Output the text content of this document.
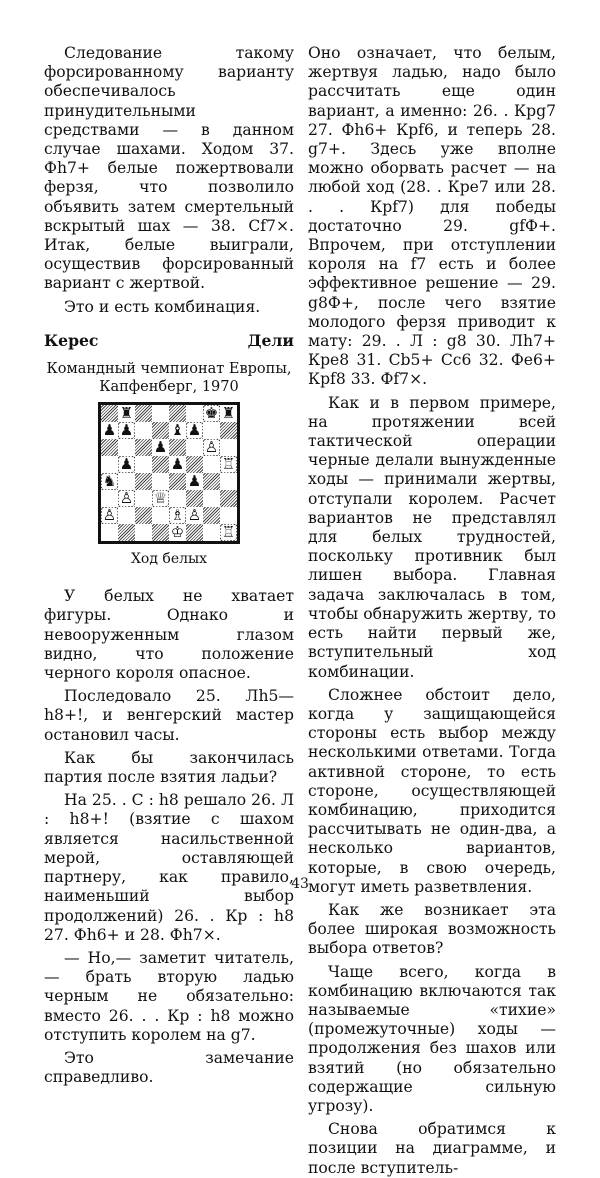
Следование такому форсированному варианту обеспечивалось принудительными средствами — в данном случае шахами. Ходом 37. Фh7+ белые пожертвовали ферзя, что позволило объявить затем смертельный вскрытый шах — 38. Cf7×. Итак, белые выиграли, осуществив форсированный вариант с жертвой.

Это и есть комбинация.

Керес	Дели
Командный чемпионат Европы, Капфенберг, 1970
♜	♚ ♜
♟ ♟	♝ ♟
♟	♙
♟	♟	♖
♞	♟
♙ ♕
♙	♗ ♙
♔	♖
Ход белых

У белых не хватает фигуры. Однако и невооруженным глазом видно, что положение черного короля опасное.

Последовало 25. Лh5—h8+!, и венгерский мастер остановил часы.

Как бы закончилась партия после взятия ладьи?

На 25. . C : h8 решало 26. Л : h8+! (взятие с шахом является насильственной мерой, оставляющей партнеру, как правило, наименьший выбор продолжений) 26. . Кр : h8 27. Фh6+ и 28. Фh7×.

— Но,— заметит читатель,— брать вторую ладью черным не обязательно: вместо 26. . . Кр : h8 можно отступить королем на g7.

Это замечание справедливо.

Оно означает, что белым, жертвуя ладью, надо было рассчитать еще один вариант, а именно: 26. . Кpg7 27. Фh6+ Кpf6, и теперь 28. g7+. Здесь уже вполне можно оборвать расчет — на любой ход (28. . Кpe7 или 28. . . Кpf7) для победы достаточно 29. gfФ+. Впрочем, при отступлении короля на f7 есть и более эффективное решение — 29. g8Ф+, после чего взятие молодого ферзя приводит к мату: 29. . Л : g8 30. Лh7+ Кpe8 31. Cb5+ Cc6 32. Фe6+ Кpf8 33. Фf7×.

Как и в первом примере, на протяжении всей тактической операции черные делали вынужденные ходы — принимали жертвы, отступали королем. Расчет вариантов не представлял для белых трудностей, поскольку противник был лишен выбора. Главная задача заключалась в том, чтобы обнаружить жертву, то есть найти первый же, вступительный ход комбинации.

Сложнее обстоит дело, когда у защищающейся стороны есть выбор между несколькими ответами. Тогда активной стороне, то есть стороне, осуществляющей комбинацию, приходится рассчитывать не один-два, а несколько вариантов, которые, в свою очередь, могут иметь разветвления.

Как же возникает эта более широкая возможность выбора ответов?

Чаще всего, когда в комбинацию включаются так называемые «тихие» (промежуточные) ходы — продолжения без шахов или взятий (но обязательно содержащие сильную угрозу).

Снова обратимся к позиции на диаграмме, и после вступитель-

43
